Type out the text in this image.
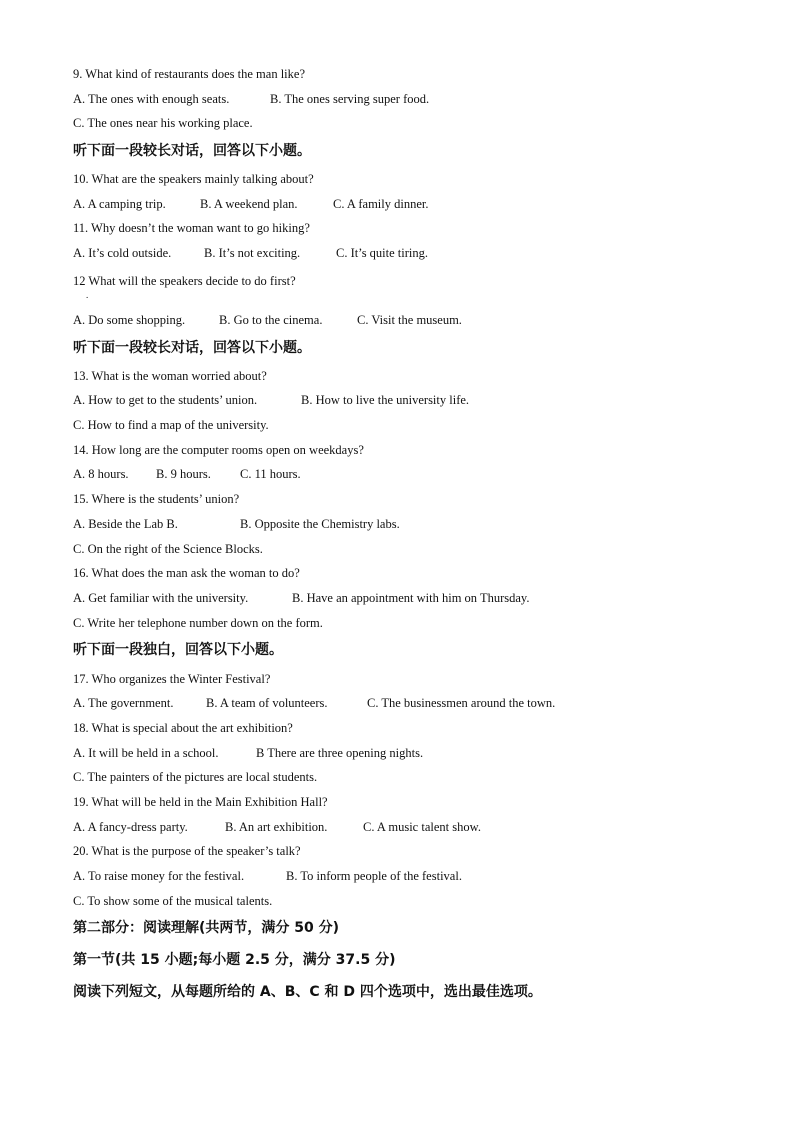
9. What kind of restaurants does the man like?
A. The ones with enough seats.	B. The ones serving super food.
C. The ones near his working place.
听下面一段较长对话，回答以下小题。
10. What are the speakers mainly talking about?
A. A camping trip.	B. A weekend plan.	C. A family dinner.
11. Why doesn’t the woman want to go hiking?
A. It’s cold outside.	B. It’s not exciting.	C. It’s quite tiring.
12 What will the speakers decide to do first?
.
A. Do some shopping.	B. Go to the cinema.	C. Visit the museum.
听下面一段较长对话，回答以下小题。
13. What is the woman worried about?
A. How to get to the students’ union.	B. How to live the university life.
C. How to find a map of the university.
14. How long are the computer rooms open on weekdays?
A. 8 hours. B. 9 hours. C. 11 hours.
15. Where is the students’ union?
A. Beside the Lab B.	B. Opposite the Chemistry labs.
C. On the right of the Science Blocks.
16. What does the man ask the woman to do?
A. Get familiar with the university.	B. Have an appointment with him on Thursday.
C. Write her telephone number down on the form.
听下面一段独白，回答以下小题。
17. Who organizes the Winter Festival?
A. The government.	B. A team of volunteers.	C. The businessmen around the town.
18. What is special about the art exhibition?
A. It will be held in a school.	B There are three opening nights.
C. The painters of the pictures are local students.
19. What will be held in the Main Exhibition Hall?
A. A fancy-dress party.	B. An art exhibition.	C. A music talent show.
20. What is the purpose of the speaker’s talk?
A. To raise money for the festival.	B. To inform people of the festival.
C. To show some of the musical talents.
第二部分：阅读理解(共两节，满分 50 分)
第一节(共 15 小题;每小题 2.5 分，满分 37.5 分)
阅读下列短文，从每题所给的 A、B、C 和 D 四个选项中，选出最佳选项。
